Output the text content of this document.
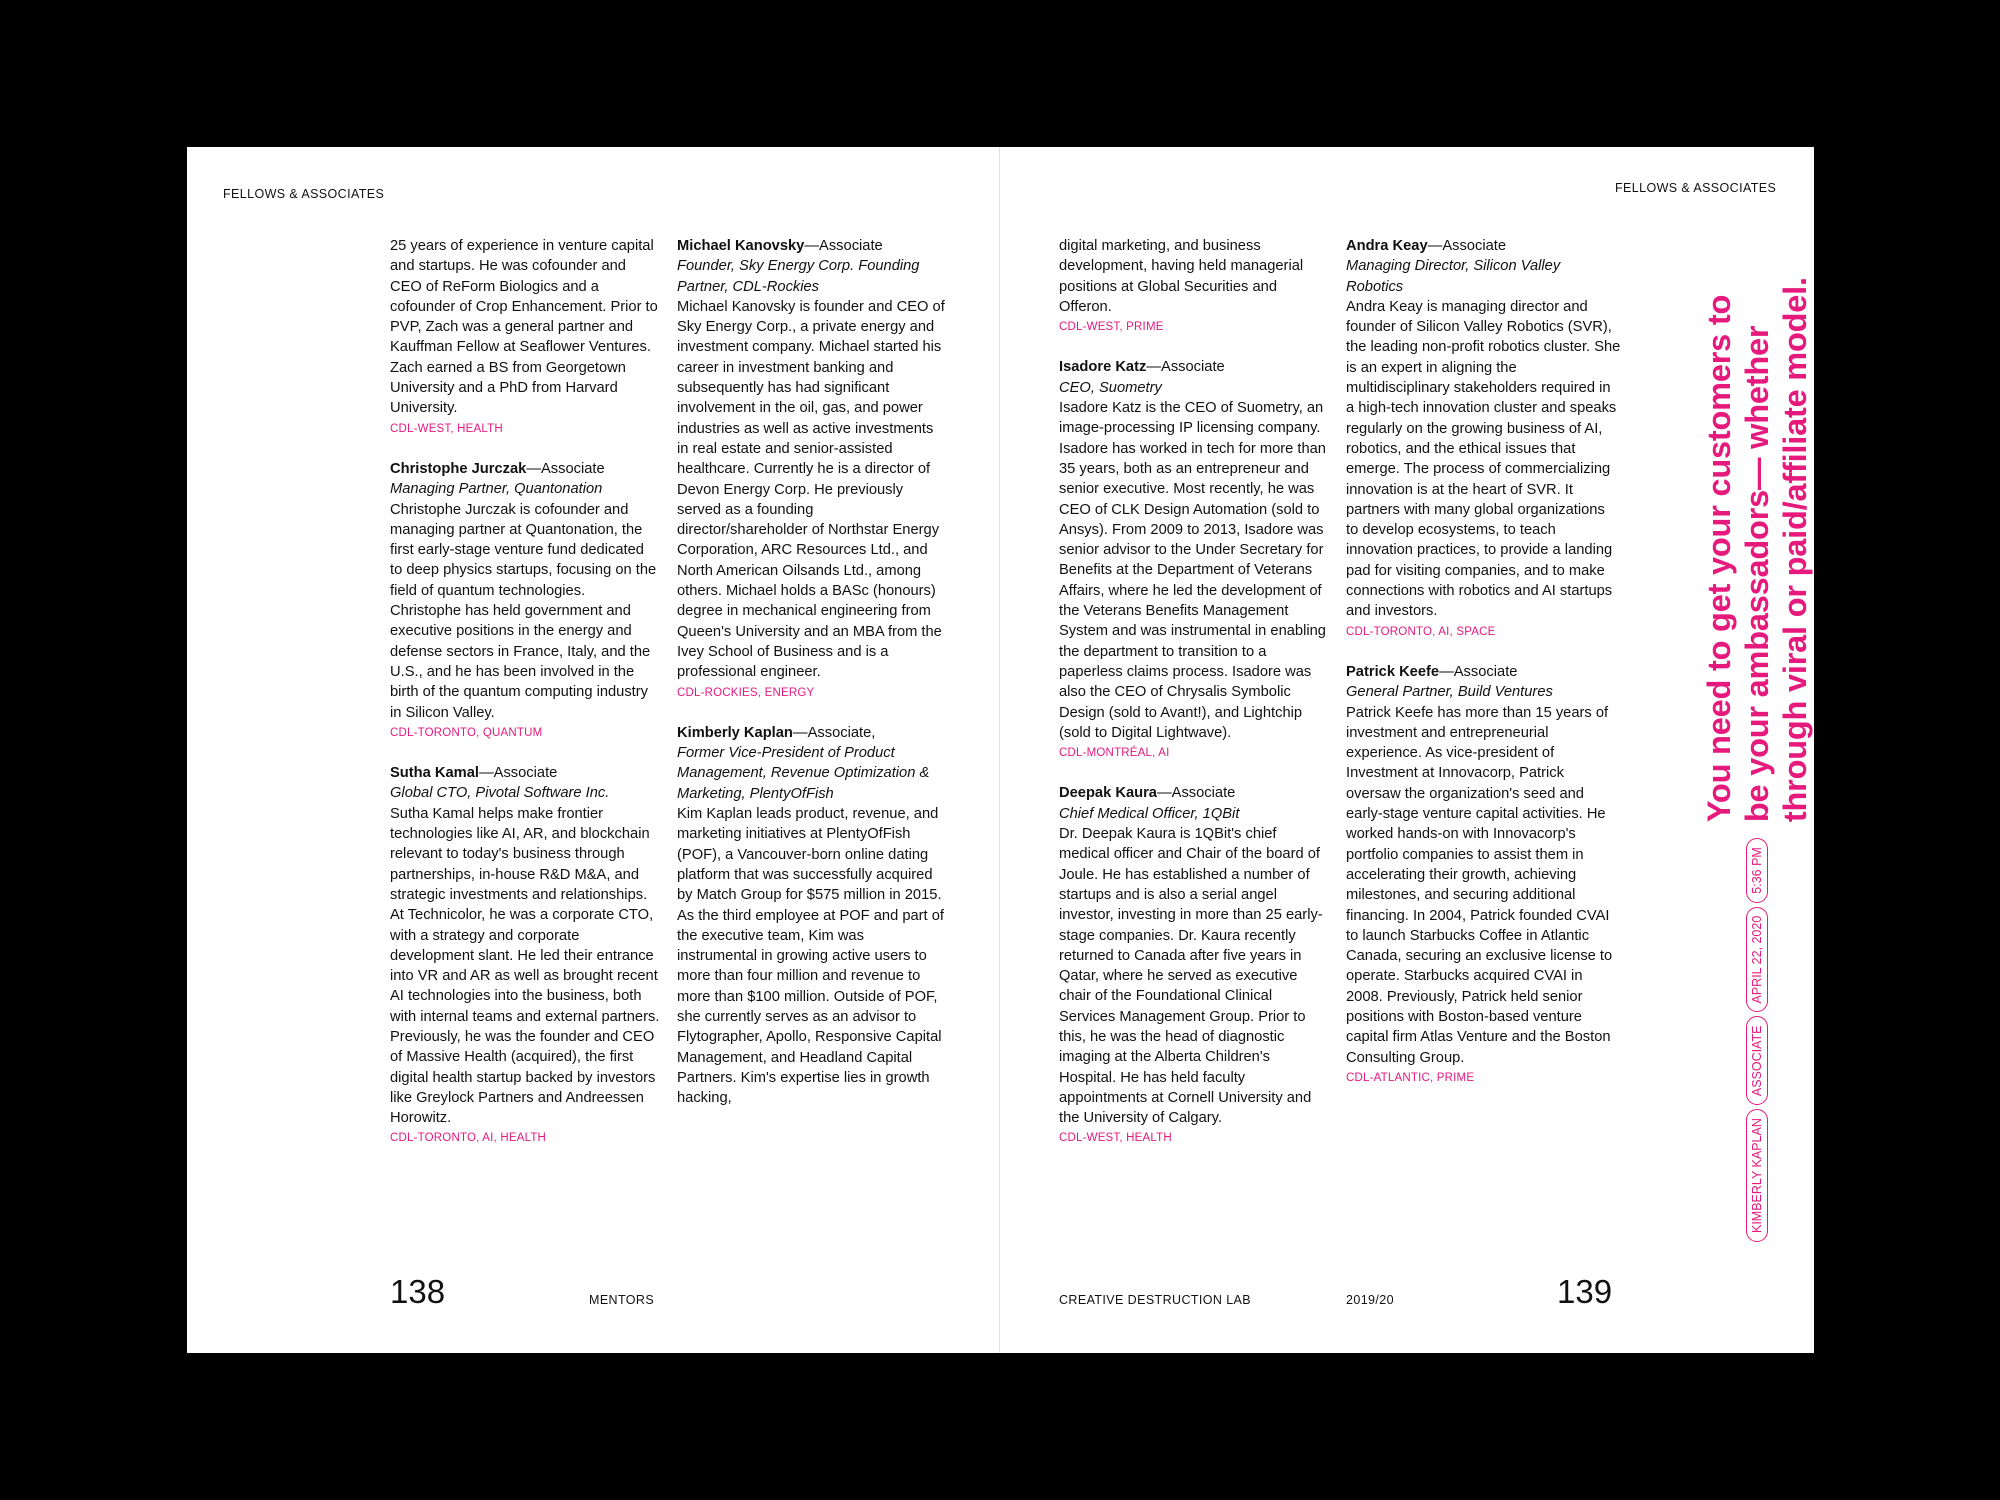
FELLOWS & ASSOCIATES	FELLOWS & ASSOCIATES
25 years of experience in venture capital and startups. He was cofounder and CEO of ReForm Biologics and a cofounder of Crop Enhancement. Prior to PVP, Zach was a general partner and Kauffman Fellow at Seaflower Ventures. Zach earned a BS from Georgetown University and a PhD from Harvard University.
CDL-WEST, HEALTH
Christophe Jurczak—Associate
Managing Partner, Quantonation
Christophe Jurczak is cofounder and managing partner at Quantonation, the first early-stage venture fund dedicated to deep physics startups, focusing on the field of quantum technologies. Christophe has held government and executive positions in the energy and defense sectors in France, Italy, and the U.S., and he has been involved in the birth of the quantum computing industry in Silicon Valley.
CDL-TORONTO, QUANTUM
Sutha Kamal—Associate
Global CTO, Pivotal Software Inc.
Sutha Kamal helps make frontier technologies like AI, AR, and blockchain relevant to today's business through partnerships, in-house R&D M&A, and strategic investments and relationships. At Technicolor, he was a corporate CTO, with a strategy and corporate development slant. He led their entrance into VR and AR as well as brought recent AI technologies into the business, both with internal teams and external partners. Previously, he was the founder and CEO of Massive Health (acquired), the first digital health startup backed by investors like Greylock Partners and Andreessen Horowitz.
CDL-TORONTO, AI, HEALTH
Michael Kanovsky—Associate
Founder, Sky Energy Corp. Founding Partner, CDL-Rockies
Michael Kanovsky is founder and CEO of Sky Energy Corp., a private energy and investment company. Michael started his career in investment banking and subsequently has had significant involvement in the oil, gas, and power industries as well as active investments in real estate and senior-assisted healthcare. Currently he is a director of Devon Energy Corp. He previously served as a founding director/shareholder of Northstar Energy Corporation, ARC Resources Ltd., and North American Oilsands Ltd., among others. Michael holds a BASc (honours) degree in mechanical engineering from Queen's University and an MBA from the Ivey School of Business and is a professional engineer.
CDL-ROCKIES, ENERGY
Kimberly Kaplan—Associate,
Former Vice-President of Product Management, Revenue Optimization & Marketing, PlentyOfFish
Kim Kaplan leads product, revenue, and marketing initiatives at PlentyOfFish (POF), a Vancouver-born online dating platform that was successfully acquired by Match Group for $575 million in 2015. As the third employee at POF and part of the executive team, Kim was instrumental in growing active users to more than four million and revenue to more than $100 million. Outside of POF, she currently serves as an advisor to Flytographer, Apollo, Responsive Capital Management, and Headland Capital Partners. Kim's expertise lies in growth hacking,
digital marketing, and business development, having held managerial positions at Global Securities and Offeron.
CDL-WEST, PRIME
Isadore Katz—Associate
CEO, Suometry
Isadore Katz is the CEO of Suometry, an image-processing IP licensing company. Isadore has worked in tech for more than 35 years, both as an entrepreneur and senior executive. Most recently, he was CEO of CLK Design Automation (sold to Ansys). From 2009 to 2013, Isadore was senior advisor to the Under Secretary for Benefits at the Department of Veterans Affairs, where he led the development of the Veterans Benefits Management System and was instrumental in enabling the department to transition to a paperless claims process. Isadore was also the CEO of Chrysalis Symbolic Design (sold to Avant!), and Lightchip (sold to Digital Lightwave).
CDL-MONTRÉAL, AI
Deepak Kaura—Associate
Chief Medical Officer, 1QBit
Dr. Deepak Kaura is 1QBit's chief medical officer and Chair of the board of Joule. He has established a number of startups and is also a serial angel investor, investing in more than 25 early-stage companies. Dr. Kaura recently returned to Canada after five years in Qatar, where he served as executive chair of the Foundational Clinical Services Management Group. Prior to this, he was the head of diagnostic imaging at the Alberta Children's Hospital. He has held faculty appointments at Cornell University and the University of Calgary.
CDL-WEST, HEALTH
Andra Keay—Associate
Managing Director, Silicon Valley Robotics
Andra Keay is managing director and founder of Silicon Valley Robotics (SVR), the leading non-profit robotics cluster. She is an expert in aligning the multidisciplinary stakeholders required in a high-tech innovation cluster and speaks regularly on the growing business of AI, robotics, and the ethical issues that emerge. The process of commercializing innovation is at the heart of SVR. It partners with many global organizations to develop ecosystems, to teach innovation practices, to provide a landing pad for visiting companies, and to make connections with robotics and AI startups and investors.
CDL-TORONTO, AI, SPACE
Patrick Keefe—Associate
General Partner, Build Ventures
Patrick Keefe has more than 15 years of investment and entrepreneurial experience. As vice-president of Investment at Innovacorp, Patrick oversaw the organization's seed and early-stage venture capital activities. He worked hands-on with Innovacorp's portfolio companies to assist them in accelerating their growth, achieving milestones, and securing additional financing. In 2004, Patrick founded CVAI to launch Starbucks Coffee in Atlantic Canada, securing an exclusive license to operate. Starbucks acquired CVAI in 2008. Previously, Patrick held senior positions with Boston-based venture capital firm Atlas Venture and the Boston Consulting Group.
CDL-ATLANTIC, PRIME
138	MENTORS	CREATIVE DESTRUCTION LAB	2019/20	139
KIMBERLY KAPLAN
ASSOCIATE
APRIL 22, 2020
5:36 PM
You need to get your customers to be your ambassadors— whether through viral or paid/affiliate model.
